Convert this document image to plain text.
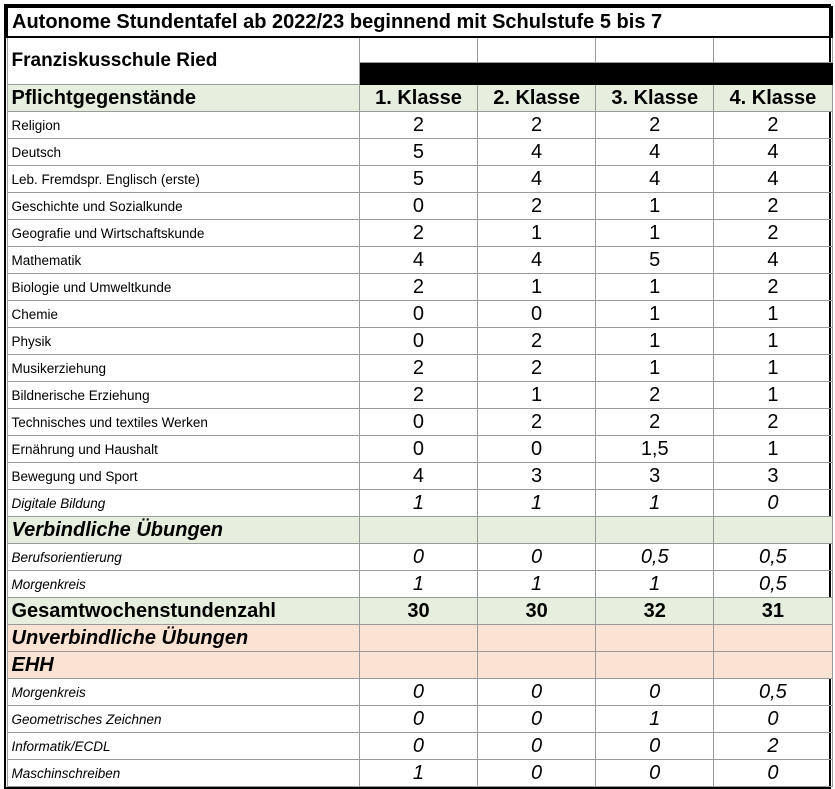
Autonome Stundentafel ab 2022/23 beginnend mit Schulstufe 5 bis 7				
Franziskusschule Ried				

Pflichtgegenstände	1. Klasse	2. Klasse	3. Klasse	4. Klasse
Religion	2	2	2	2
Deutsch	5	4	4	4
Leb. Fremdspr. Englisch (erste)	5	4	4	4
Geschichte und Sozialkunde	0	2	1	2
Geografie und Wirtschaftskunde	2	1	1	2
Mathematik	4	4	5	4
Biologie und Umweltkunde	2	1	1	2
Chemie	0	0	1	1
Physik	0	2	1	1
Musikerziehung	2	2	1	1
Bildnerische Erziehung	2	1	2	1
Technisches und textiles Werken	0	2	2	2
Ernährung und Haushalt	0	0	1,5	1
Bewegung und Sport	4	3	3	3
Digitale Bildung	1	1	1	0
Verbindliche Übungen				
Berufsorientierung	0	0	0,5	0,5
Morgenkreis	1	1	1	0,5
Gesamtwochenstundenzahl	30	30	32	31
Unverbindliche Übungen				
EHH				
Morgenkreis	0	0	0	0,5
Geometrisches Zeichnen	0	0	1	0
Informatik/ECDL	0	0	0	2
Maschinschreiben	1	0	0	0
